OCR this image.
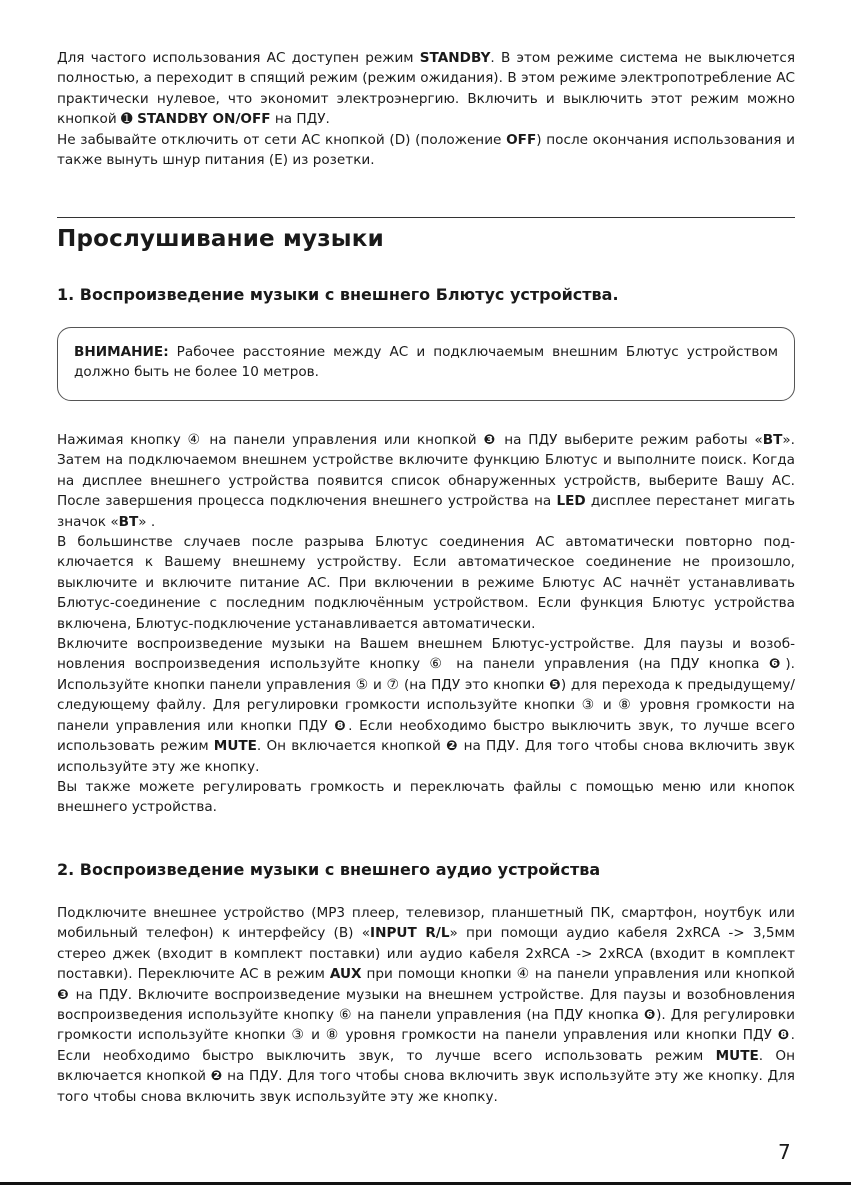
Для частого использования АС доступен режим STANDBY. В этом режиме система не выключется полностью, а переходит в спящий режим (режим ожидания). В этом режиме электропотребление АС практически нулевое, что экономит электроэнергию. Включить и выключить этот режим можно кнопкой ➊ STANDBY ON/OFF на ПДУ.

Не забывайте отключить от сети АС кнопкой (D) (положение OFF) после окончания использования и также вынуть шнур питания (E) из розетки.

Прослушивание музыки
1. Воспроизведение музыки с внешнего Блютус устройства.

ВНИМАНИЕ: Рабочее расстояние между АС и подключаемым внешним Блютус устройством должно быть не более 10 метров.

Нажимая кнопку ④ на панели управления или кнопкой ❸ на ПДУ выберите режим работы «BT». Затем на подключаемом внешнем устройстве включите функцию Блютус и выполните поиск. Когда на дисплее внешнего устройства появится список обнаруженных устройств, выберите Вашу АС. После завершения процесса подключения внешнего устройства на LED дисплее перестанет мигать значок «BT» .

В большинстве случаев после разрыва Блютус соединения АС автоматически повторно подключается к Вашему внешнему устройству. Если автоматическое соединение не произошло, выключите и включите питание АС. При включении в режиме Блютус АС начнёт устанавливать Блютус-соединение с последним подключённым устройством. Если функция Блютус устройства включена, Блютус-подключение устанавливается автоматически.

Включите воспроизведение музыки на Вашем внешнем Блютус-устройстве. Для паузы и возобновления воспроизведения используйте кнопку ⑥ на панели управления (на ПДУ кнопка ❻). Используйте кнопки панели управления ⑤ и ⑦ (на ПДУ это кнопки ❺) для перехода к предыдущему/следующему файлу. Для регулировки громкости используйте кнопки ③ и ⑧ уровня громкости на панели управления или кнопки ПДУ ❽. Если необходимо быстро выключить звук, то лучше всего использовать режим MUTE. Он включается кнопкой ❷ на ПДУ. Для того чтобы снова включить звук используйте эту же кнопку.

Вы также можете регулировать громкость и переключать файлы с помощью меню или кнопок внешнего устройства.

2. Воспроизведение музыки с внешнего аудио устройства

Подключите внешнее устройство (MP3 плеер, телевизор, планшетный ПК, смартфон, ноутбук или мобильный телефон) к интерфейсу (B) «INPUT R/L» при помощи аудио кабеля 2xRCA -> 3,5мм стерео джек (входит в комплект поставки) или аудио кабеля 2xRCA -> 2xRCA (входит в комплект поставки). Переключите АС в режим AUX при помощи кнопки ④ на панели управления или кнопкой ❸ на ПДУ. Включите воспроизведение музыки на внешнем устройстве. Для паузы и возобновления воспроизведения используйте кнопку ⑥ на панели управления (на ПДУ кнопка ❻). Для регулировки громкости используйте кнопки ③ и ⑧ уровня громкости на панели управления или кнопки ПДУ ❽. Если необходимо быстро выключить звук, то лучше всего использовать режим MUTE. Он включается кнопкой ❷ на ПДУ. Для того чтобы снова включить звук используйте эту же кнопку. Для того чтобы снова включить звук используйте эту же кнопку.

7
